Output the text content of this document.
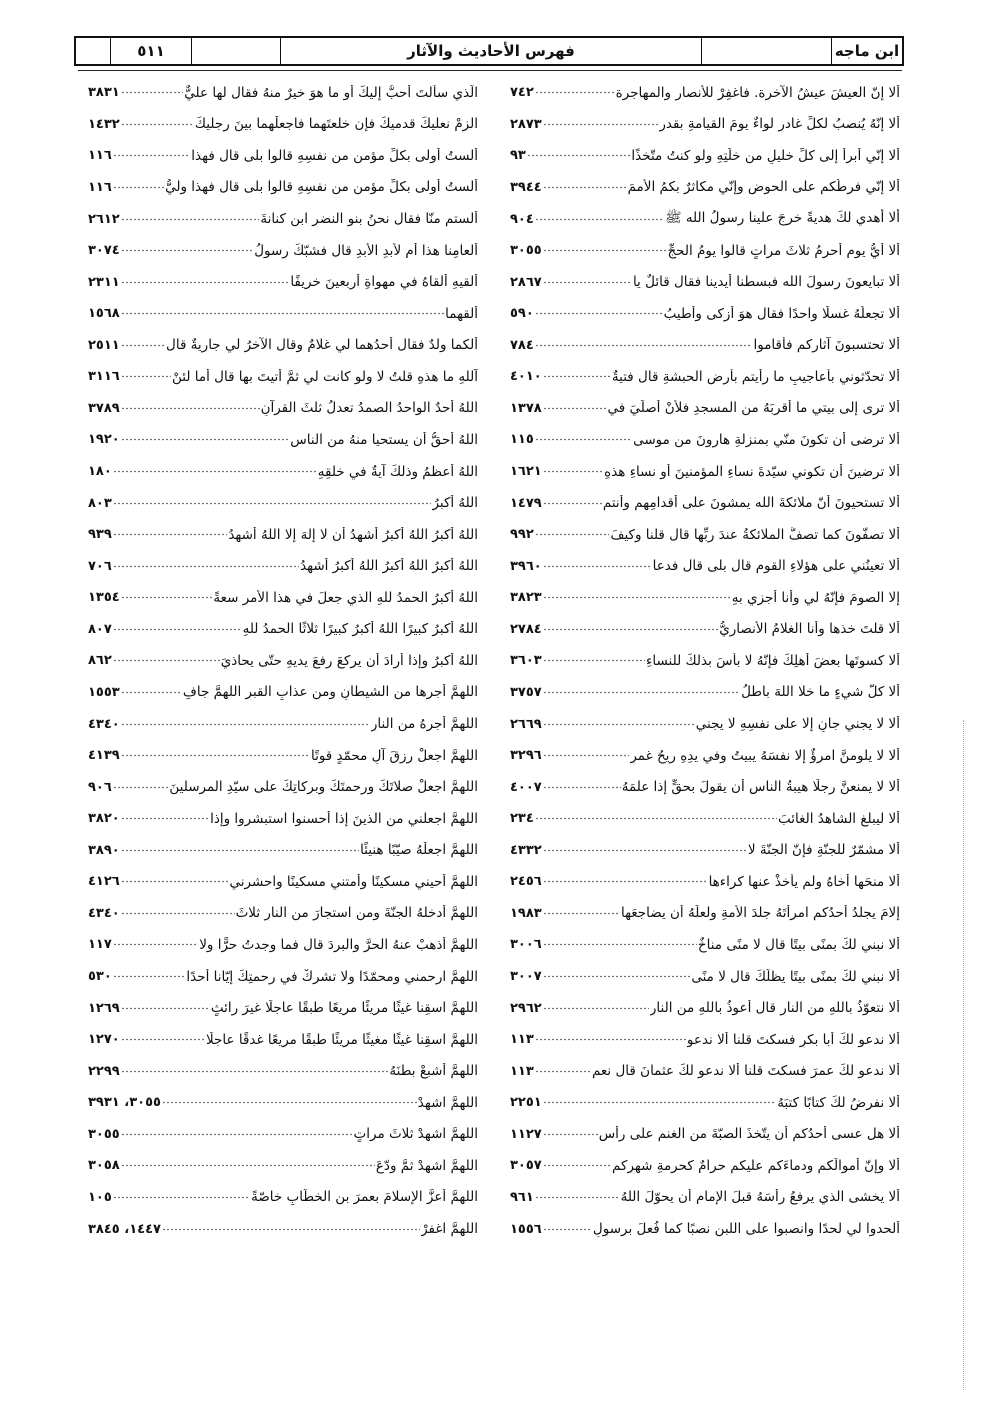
ابن ماجه
فهرس الأحاديث والآثار
٥١١
ألا إنّ العيشَ عيشُ الآخرة. فاغفِرْ للأنصار والمهاجرة
٧٤٢
ألا إنّهُ يُنصبُ لكلِّ غادرٍ لواءٌ يومَ القيامةِ بقدرِ
٢٨٧٣
ألا إنّي أبرأُ إلى كلِّ خليلٍ من خلّتِهِ ولو كنتُ متّخذًا
٩٣
ألا إنّي فرطُكم على الحوضِ وإنّي مكاثرٌ بكمُ الأممَ
٣٩٤٤
ألا أُهدي لكَ هديةً خرجَ علينا رسولُ الله ﷺ
٩٠٤
ألا أيُّ يومٍ أحرمُ ثلاثَ مراتٍ قالوا يومُ الحجِّ
٣٠٥٥
ألا تبايعونَ رسولَ الله فبسطنا أيدينا فقال قائلٌ يا
٢٨٦٧
ألا تجعلُهُ غسلًا واحدًا فقال هوَ أزكى وأطيبُ
٥٩٠
ألا تحتسبونَ آثاركم فأقاموا
٧٨٤
ألا تحدّثوني بأعاجيبِ ما رأيتم بأرضِ الحبشةِ قال فتيةٌ
٤٠١٠
ألا ترى إلى بيتي ما أقربَهُ من المسجدِ فلأنْ أصلّيَ في
١٣٧٨
ألا ترضى أن تكونَ منّي بمنزلةِ هارونَ من موسى
١١٥
ألا ترضينَ أن تكوني سيّدةَ نساءِ المؤمنينَ أو نساءِ هذهِ
١٦٢١
ألا تستحيونَ أنّ ملائكةَ الله يمشونَ على أقدامِهم وأنتم
١٤٧٩
ألا تصفّونَ كما تصفُّ الملائكةُ عندَ ربِّها قال قلنا وكيفَ
٩٩٢
ألا تعينُني على هؤلاءِ القومِ قال بلى قال فدعا
٣٩٦٠
إلا الصومَ فإنّهُ لي وأنا أجزي بهِ
٣٨٢٣
ألا قلتَ خذها وأنا الغلامُ الأنصاريُّ
٢٧٨٤
ألا كسوتَها بعضَ أهلِكَ فإنّهُ لا بأسَ بذلكَ للنساءِ
٣٦٠٣
ألا كلُّ شيءٍ ما خلا اللهَ باطلُ
٣٧٥٧
ألا لا يجني جانٍ إلا على نفسِهِ لا يجني
٢٦٦٩
ألا لا يلومنَّ امرؤٌ إلا نفسَهُ يبيتُ وفي يدِهِ ريحُ غمرٍ
٣٢٩٦
ألا لا يمنعنَّ رجلًا هيبةُ الناسِ أن يقولَ بحقٍّ إذا علمَهُ
٤٠٠٧
ألا ليبلغِ الشاهدُ الغائبَ
٢٣٤
ألا مشمّرٌ للجنّةِ فإنّ الجنّةَ لا
٤٣٣٢
ألا منحَها أخاهُ ولم يأخذْ عنها كراءها
٢٤٥٦
إلامَ يجلدُ أحدُكم امرأتَهُ جلدَ الأمةِ ولعلّهُ أن يضاجعَها
١٩٨٣
ألا نبني لكَ بمنًى بيتًا قال لا منًى مناخٌ
٣٠٠٦
ألا نبني لكَ بمنًى بيتًا يظلّكَ قال لا منًى
٣٠٠٧
ألا نتعوّذُ باللهِ من النارِ قال أعوذُ باللهِ من النارِ
٢٩٦٢
ألا ندعو لكَ أبا بكرٍ فسكتَ قلنا ألا ندعو
١١٣
ألا ندعو لكَ عمرَ فسكتَ قلنا ألا ندعو لكَ عثمانَ قال نعم
١١٣
ألا نفرضُ لكَ كتابًا كتبَهُ
٢٢٥١
ألا هل عسى أحدُكم أن يتّخذَ الصبّةَ من الغنمِ على رأسِ
١١٢٧
ألا وإنّ أموالَكم ودماءَكم عليكم حرامٌ كحرمةِ شهرِكم
٣٠٥٧
ألا يخشى الذي يرفعُ رأسَهُ قبلَ الإمامِ أن يحوّلَ اللهُ
٩٦١
ألحدوا لي لحدًا وانصبوا على اللبنِ نصبًا كما فُعلَ برسولِ
١٥٥٦
الّذي سألتَ أحبُّ إليكَ أو ما هوَ خيرٌ منهُ فقال لها عليٌّ
٣٨٣١
الزمْ نعليكَ قدميكَ فإن خلعتَهما فاجعلْهما بينَ رجليكَ
١٤٣٢
ألستُ أولى بكلِّ مؤمنٍ من نفسِهِ قالوا بلى قال فهذا
١١٦
ألستُ أولى بكلِّ مؤمنٍ من نفسِهِ قالوا بلى قال فهذا وليُّ
١١٦
ألستم منّا فقال نحنُ بنو النضرِ ابنِ كنانةَ
٢٦١٢
ألعامِنا هذا أم لأبدِ الأبدِ قال فشبّكَ رسولُ
٣٠٧٤
ألقيهِ ألقاهُ في مهواةِ أربعينَ خريفًا
٢٣١١
ألقهما
١٥٦٨
ألكما ولدٌ فقال أحدُهما لي غلامٌ وقال الآخرُ لي جاريةٌ قال
٢٥١١
آللهِ ما هذهِ قلتُ لا ولو كانت لي ثمَّ أتيتَ بها قال أما لئنْ
٣١١٦
اللهُ أحدٌ الواحدُ الصمدُ تعدلُ ثلثَ القرآنِ
٣٧٨٩
اللهُ أحقُّ أن يستحيا منهُ من الناسِ
١٩٢٠
اللهُ أعظمُ وذلكَ آيةٌ في خلقِهِ
١٨٠
اللهُ أكبرُ
٨٠٣
اللهُ أكبرُ اللهُ أكبرُ أشهدُ أن لا إلهَ إلا اللهُ أشهدُ
٩٣٩
اللهُ أكبرُ اللهُ أكبرُ اللهُ أكبرُ أشهدُ
٧٠٦
اللهُ أكبرُ الحمدُ للهِ الذي جعلَ في هذا الأمرِ سعةً
١٣٥٤
اللهُ أكبرُ كبيرًا اللهُ أكبرُ كبيرًا ثلاثًا الحمدُ للهِ
٨٠٧
اللهُ أكبرُ وإذا أرادَ أن يركعَ رفعَ يديهِ حتّى يحاذيَ
٨٦٢
اللهمَّ أجرها من الشيطانِ ومن عذابِ القبرِ اللهمَّ جافِ
١٥٥٣
اللهمَّ أجرهُ من النارِ
٤٣٤٠
اللهمَّ اجعلْ رزقَ آلِ محمّدٍ قوتًا
٤١٣٩
اللهمَّ اجعلْ صلاتَكَ ورحمتَكَ وبركاتِكَ على سيّدِ المرسلينَ
٩٠٦
اللهمَّ اجعلني من الذينَ إذا أحسنوا استبشروا وإذا
٣٨٢٠
اللهمَّ اجعلْهُ صيّبًا هنيئًا
٣٨٩٠
اللهمَّ أحيني مسكينًا وأمتني مسكينًا واحشرني
٤١٢٦
اللهمَّ أدخلهُ الجنّةَ ومن استجارَ من النارِ ثلاثَ
٤٣٤٠
اللهمَّ أذهبْ عنهُ الحرَّ والبردَ قال فما وجدتُ حرًّا ولا
١١٧
اللهمَّ ارحمني ومحمّدًا ولا تشركْ في رحمتِكَ إيّانا أحدًا
٥٣٠
اللهمَّ اسقِنا غيثًا مريئًا مريعًا طبقًا عاجلًا غيرَ رائثٍ
١٢٦٩
اللهمَّ اسقِنا غيثًا مغيثًا مريئًا طبقًا مريعًا غدقًا عاجلًا
١٢٧٠
اللهمَّ أشبعْ بطنَهُ
٢٢٩٩
اللهمَّ اشهدْ
٣٠٥٥، ٣٩٣١
اللهمَّ اشهدْ ثلاثَ مراتٍ
٣٠٥٥
اللهمَّ اشهدْ ثمَّ ودّعَ
٣٠٥٨
اللهمَّ أعزَّ الإسلامَ بعمرَ بنِ الخطّابِ خاصّةً
١٠٥
اللهمَّ اغفرْ
١٤٤٧، ٣٨٤٥
